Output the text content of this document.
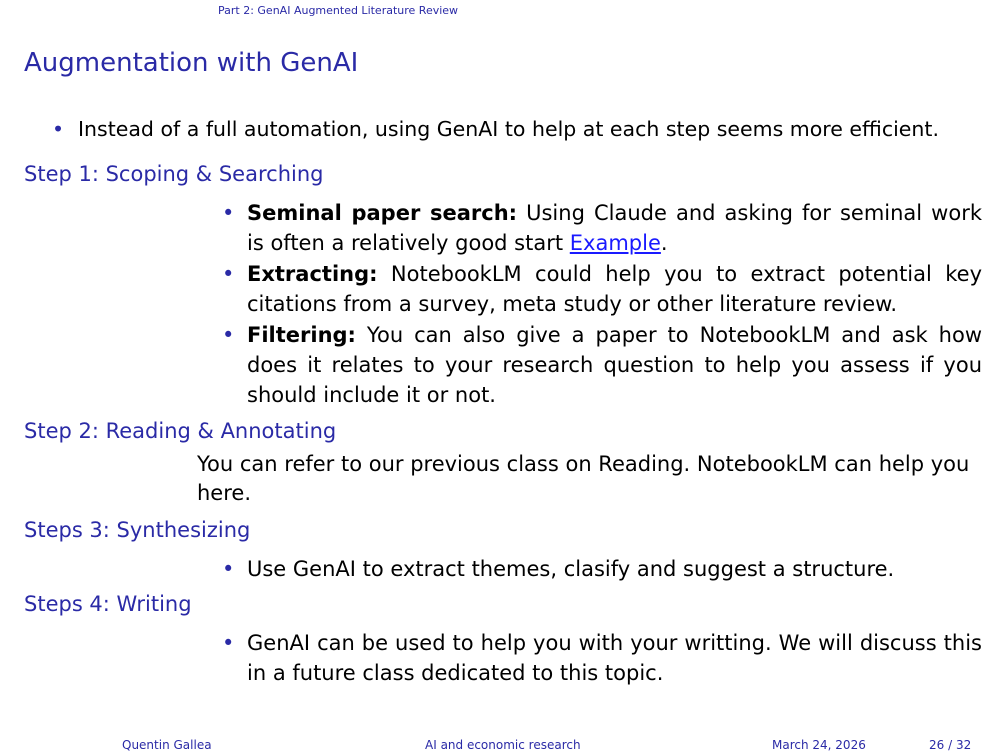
Part 2: GenAI Augmented Literature Review
Augmentation with GenAI
• Instead of a full automation, using GenAI to help at each step seems more efficient.
Step 1: Scoping & Searching
• Seminal paper search: Using Claude and asking for seminal work is often a relatively good start Example.
• Extracting: NotebookLM could help you to extract potential key citations from a survey, meta study or other literature review.
• Filtering: You can also give a paper to NotebookLM and ask how does it relates to your research question to help you assess if you should include it or not.
Step 2: Reading & Annotating
You can refer to our previous class on Reading. NotebookLM can help you here.
Steps 3: Synthesizing
• Use GenAI to extract themes, clasify and suggest a structure.
Steps 4: Writing
• GenAI can be used to help you with your writting. We will discuss this in a future class dedicated to this topic.
Quentin Gallea	AI and economic research	March 24, 2026	26 / 32
